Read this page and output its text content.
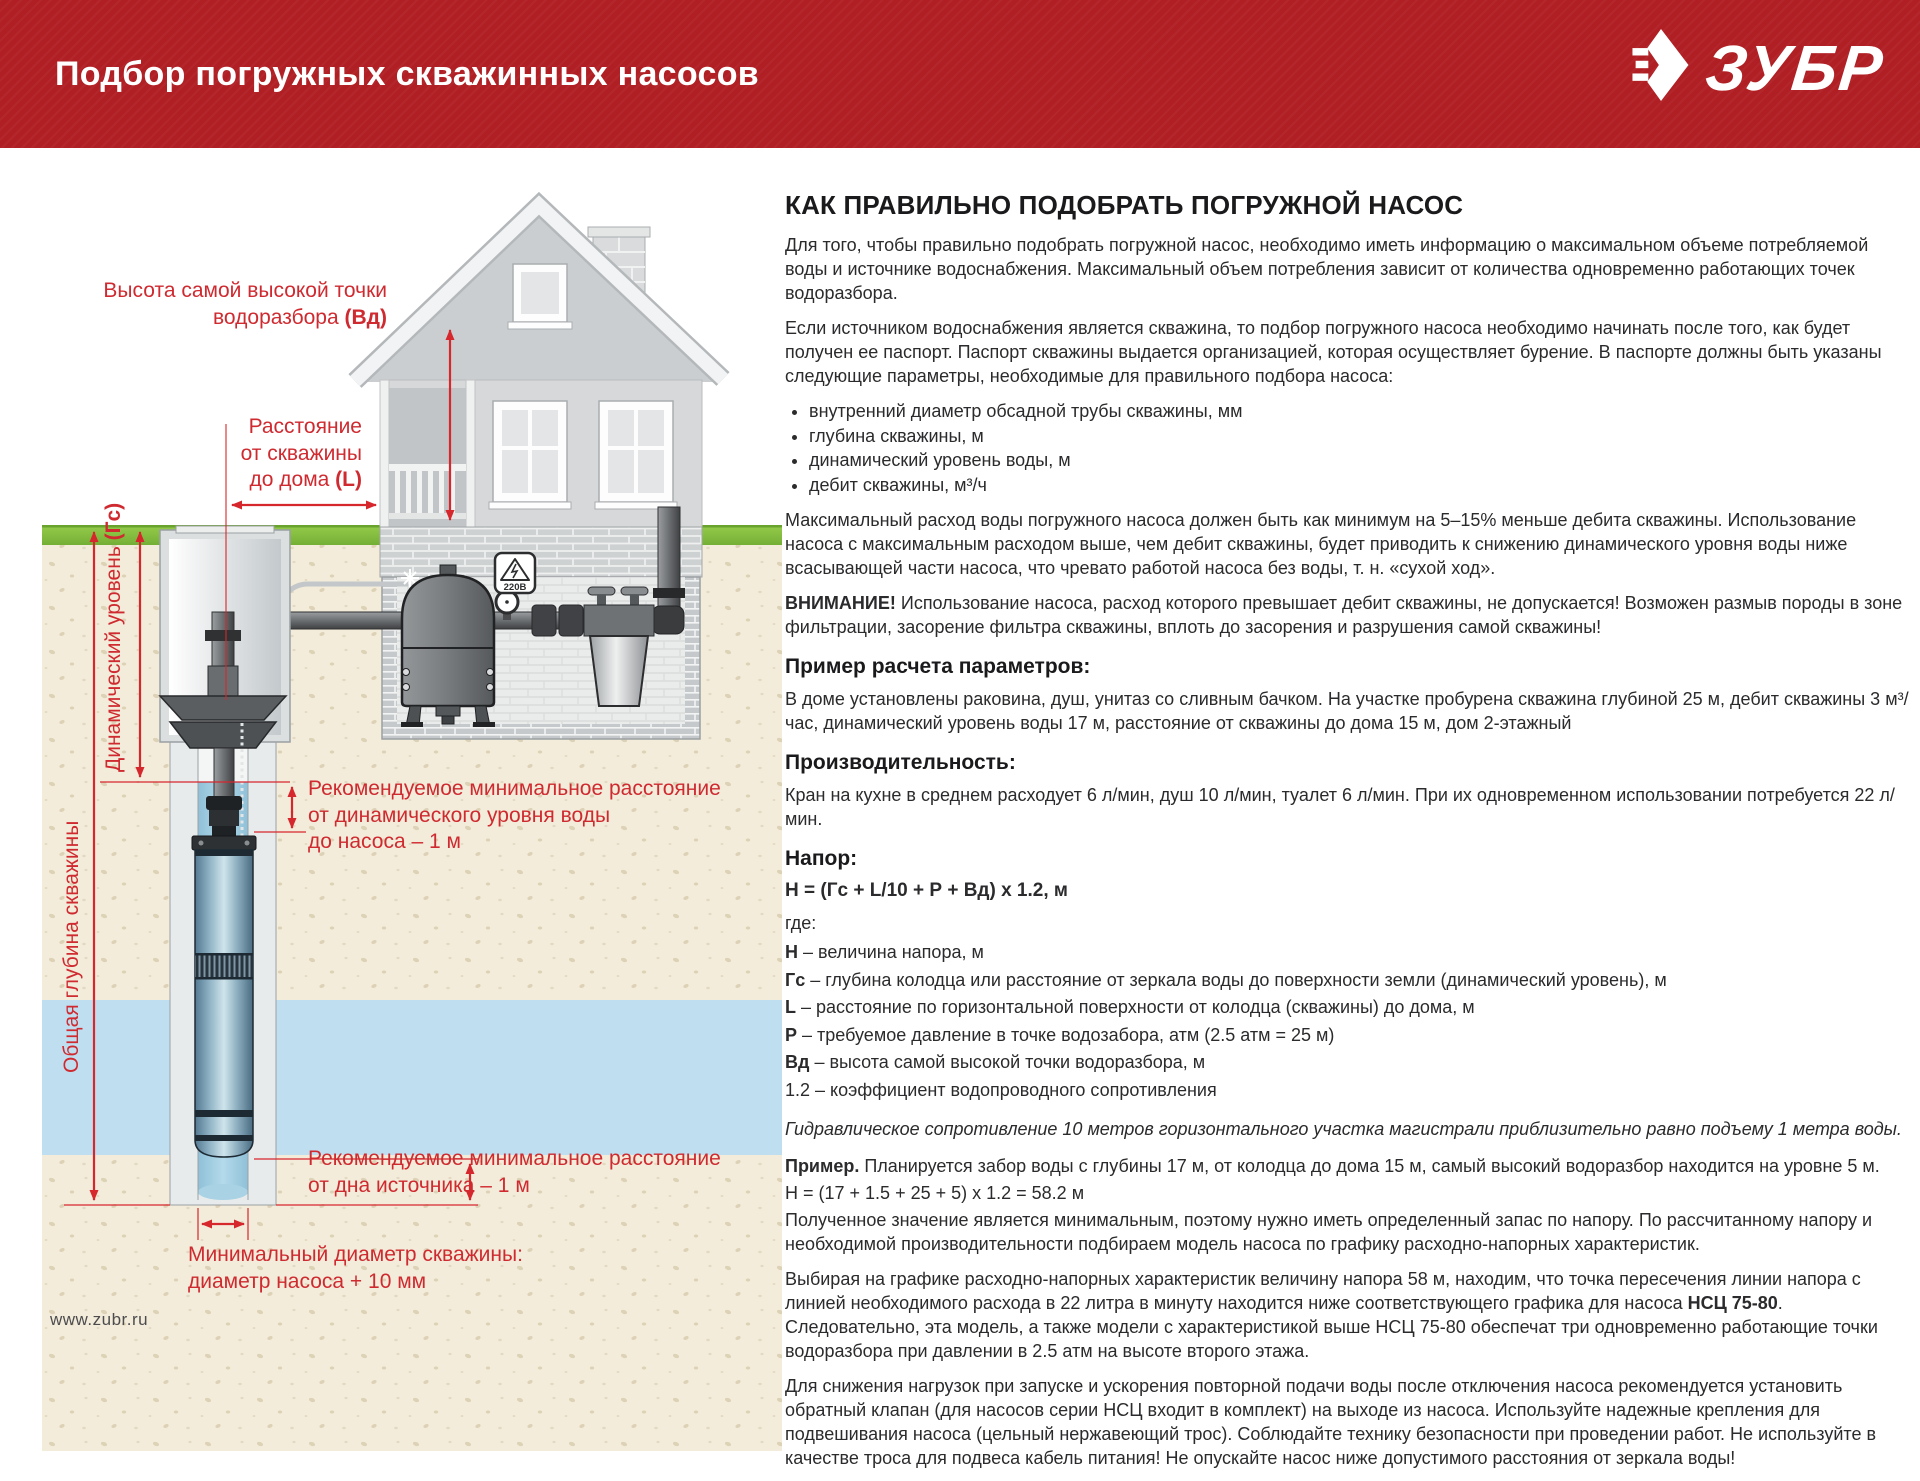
Подбор погружных скважинных насосов	ЗУБР
220В
Высота самой высокой точки
водоразбора (Вд)
Расстояние
от скважины
до дома (L)
Динамический уровень (Гс)
Общая глубина скважины
Рекомендуемое минимальное расстояние
от динамического уровня воды
до насоса – 1 м
Рекомендуемое минимальное расстояние
от дна источника – 1 м
Минимальный диаметр скважины:
диаметр насоса + 10 мм
КАК ПРАВИЛЬНО ПОДОБРАТЬ ПОГРУЖНОЙ НАСОС

Для того, чтобы правильно подобрать погружной насос, необходимо иметь информацию о максимальном объеме потребляемой воды и источнике водоснабжения. Максимальный объем потребления зависит от количества одновременно работающих точек водоразбора.

Если источником водоснабжения является скважина, то подбор погружного насоса необходимо начинать после того, как будет получен ее паспорт. Паспорт скважины выдается организацией, которая осуществляет бурение. В паспорте должны быть указаны следующие параметры, необходимые для правильного подбора насоса:

• внутренний диаметр обсадной трубы скважины, мм
• глубина скважины, м
• динамический уровень воды, м
• дебит скважины, м³/ч

Максимальный расход воды погружного насоса должен быть как минимум на 5–15% меньше дебита скважины. Использование насоса с максимальным расходом выше, чем дебит скважины, будет приводить к снижению динамического уровня воды ниже всасывающей части насоса, что чревато работой насоса без воды, т. н. «сухой ход».

ВНИМАНИЕ! Использование насоса, расход которого превышает дебит скважины, не допускается! Возможен размыв породы в зоне фильтрации, засорение фильтра скважины, вплоть до засорения и разрушения самой скважины!

Пример расчета параметров:

В доме установлены раковина, душ, унитаз со сливным бачком. На участке пробурена скважина глубиной 25 м, дебит скважины 3 м³/час, динамический уровень воды 17 м, расстояние от скважины до дома 15 м, дом 2-этажный

Производительность:

Кран на кухне в среднем расходует 6 л/мин, душ 10 л/мин, туалет 6 л/мин. При их одновременном использовании потребуется 22 л/мин.

Напор:

Н = (Гс + L/10 + Р + Вд) x 1.2, м

где:

Н – величина напора, м

Гс – глубина колодца или расстояние от зеркала воды до поверхности земли (динамический уровень), м

L – расстояние по горизонтальной поверхности от колодца (скважины) до дома, м

Р – требуемое давление в точке водозабора, атм (2.5 атм = 25 м)

Вд – высота самой высокой точки водоразбора, м

1.2 – коэффициент водопроводного сопротивления

Гидравлическое сопротивление 10 метров горизонтального участка магистрали приблизительно равно подъему 1 метра воды.

Пример. Планируется забор воды с глубины 17 м, от колодца до дома 15 м, самый высокий водоразбор находится на уровне 5 м.

Н = (17 + 1.5 + 25 + 5) x 1.2 = 58.2 м

Полученное значение является минимальным, поэтому нужно иметь определенный запас по напору. По рассчитанному напору и необходимой производительности подбираем модель насоса по графику расходно-напорных характеристик.

Выбирая на графике расходно-напорных характеристик величину напора 58 м, находим, что точка пересечения линии напора с линией необходимого расхода в 22 литра в минуту находится ниже соответствующего графика для насоса НСЦ 75-80. Следовательно, эта модель, а также модели с характеристикой выше НСЦ 75-80 обеспечат три одновременно работающие точки водоразбора при давлении в 2.5 атм на высоте второго этажа.

Для снижения нагрузок при запуске и ускорения повторной подачи воды после отключения насоса рекомендуется установить обратный клапан (для насосов серии НСЦ входит в комплект) на выходе из насоса. Используйте надежные крепления для подвешивания насоса (цельный нержавеющий трос). Соблюдайте технику безопасности при проведении работ. Не используйте в качестве троса для подвеса кабель питания! Не опускайте насос ниже допустимого расстояния от зеркала воды!

www.zubr.ru
